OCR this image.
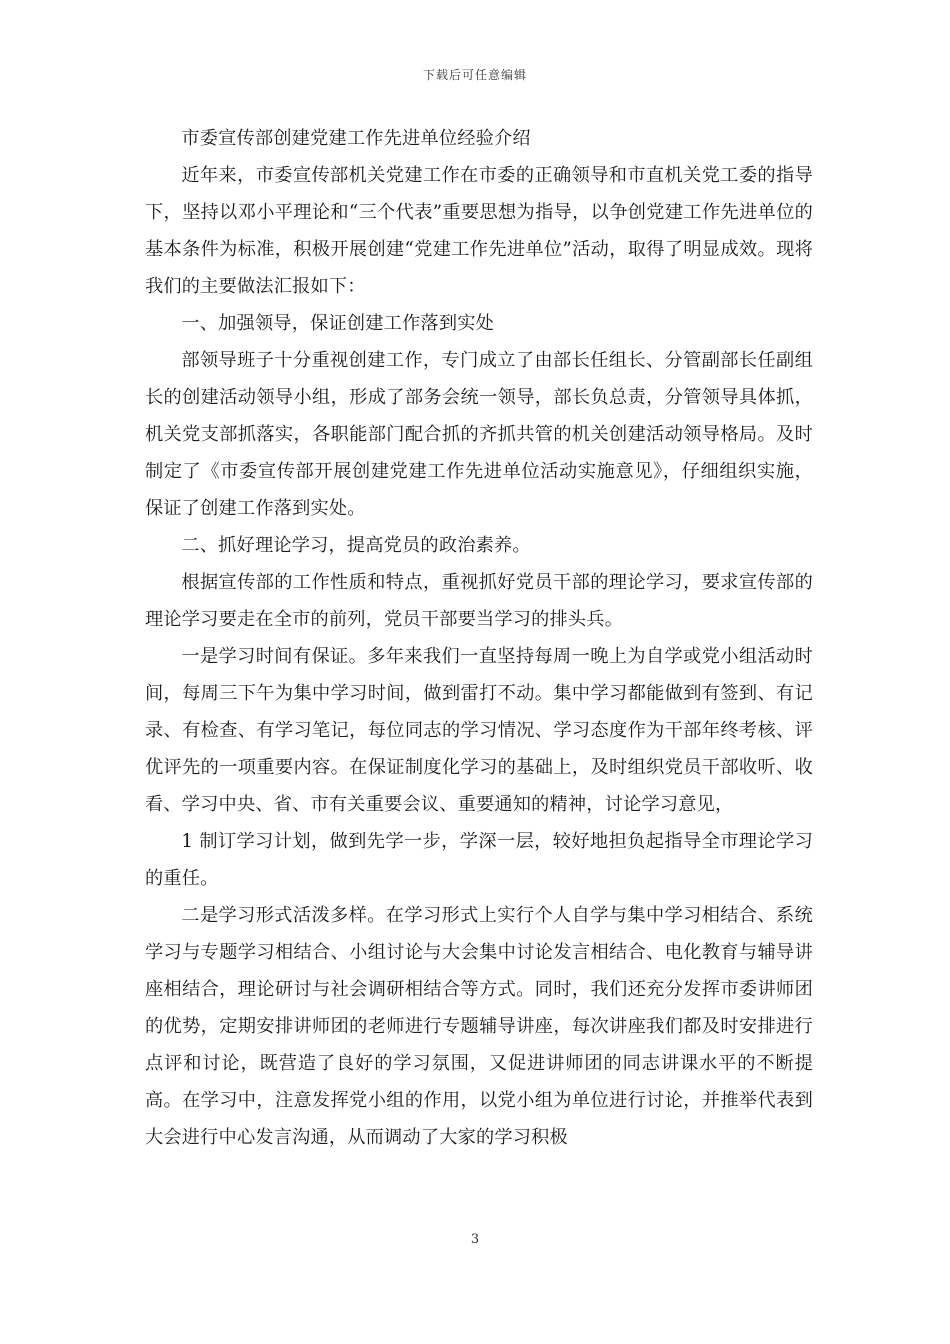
下载后可任意编辑

市委宣传部创建党建工作先进单位经验介绍

近年来，市委宣传部机关党建工作在市委的正确领导和市直机关党工委的指导下，坚持以邓小平理论和“三个代表”重要思想为指导，以争创党建工作先进单位的基本条件为标准，积极开展创建“党建工作先进单位”活动，取得了明显成效。现将我们的主要做法汇报如下：

一、加强领导，保证创建工作落到实处

部领导班子十分重视创建工作，专门成立了由部长任组长、分管副部长任副组长的创建活动领导小组，形成了部务会统一领导，部长负总责，分管领导具体抓，机关党支部抓落实，各职能部门配合抓的齐抓共管的机关创建活动领导格局。及时制定了《市委宣传部开展创建党建工作先进单位活动实施意见》，仔细组织实施，保证了创建工作落到实处。

二、抓好理论学习，提高党员的政治素养。

根据宣传部的工作性质和特点，重视抓好党员干部的理论学习，要求宣传部的理论学习要走在全市的前列，党员干部要当学习的排头兵。

一是学习时间有保证。多年来我们一直坚持每周一晚上为自学或党小组活动时间，每周三下午为集中学习时间，做到雷打不动。集中学习都能做到有签到、有记录、有检查、有学习笔记，每位同志的学习情况、学习态度作为干部年终考核、评优评先的一项重要内容。在保证制度化学习的基础上，及时组织党员干部收听、收看、学习中央、省、市有关重要会议、重要通知的精神，讨论学习意见，

1 制订学习计划，做到先学一步，学深一层，较好地担负起指导全市理论学习的重任。

二是学习形式活泼多样。在学习形式上实行个人自学与集中学习相结合、系统学习与专题学习相结合、小组讨论与大会集中讨论发言相结合、电化教育与辅导讲座相结合，理论研讨与社会调研相结合等方式。同时，我们还充分发挥市委讲师团的优势，定期安排讲师团的老师进行专题辅导讲座，每次讲座我们都及时安排进行点评和讨论，既营造了良好的学习氛围，又促进讲师团的同志讲课水平的不断提高。在学习中，注意发挥党小组的作用，以党小组为单位进行讨论，并推举代表到大会进行中心发言沟通，从而调动了大家的学习积极

3
